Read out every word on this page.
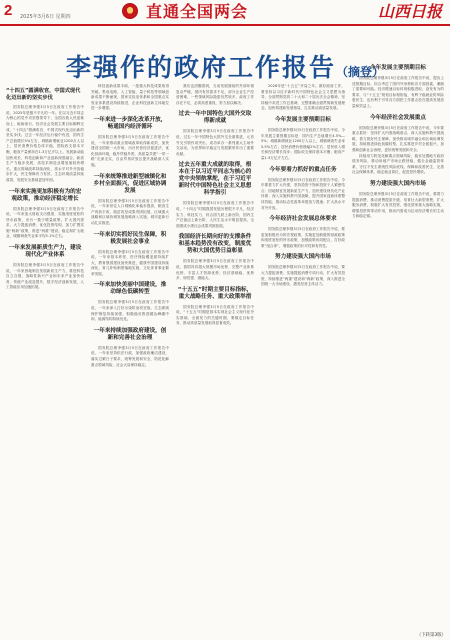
2 2025年3月6日 星期四
★ 直通全国两会	山西日报
李强作的政府工作报告（摘登）
“十四五”圆满收官，中国式现代化迈出新的坚实步伐

国务院总理李强3月5日在政府工作报告中说，2025年是极不平凡的一年。在以习近平同志为核心的党中央坚强领导下，全国各族人民迎难而上、砥砺前行，经济社会发展主要目标顺利完成，“十四五”圆满收官，中国式现代化迈出新的坚实步伐。过去一年经济运行稳中有进，国内生产总值增长5%左右，城镇新增就业1200万人以上，居民消费价格总体平稳，国际收支基本平衡，粮食产量保持在1.3万亿斤以上。发展新动能加快成长，科技创新和产业创新深度融合，新质生产力稳步发展，高技术制造业增加值较快增长。重点领域改革持续深化，高水平对外开放稳步扩大，民生保障有力有效，生态环境质量持续改善，发展安全基础更加牢固。

一年来实施更加积极有为的宏观政策，推动经济稳定增长

国务院总理李强3月5日在政府工作报告中说，一年来加大财政支出强度，实施适度宽松的货币政策，出台一揽子增量政策。扩大国内需求，大力提振消费，优化投资结构，加力扩围实施“两新”政策，推进“两重”建设。稳定和扩大就业，城镇调查失业率平均5.1%左右。

一年来发展新质生产力，建设现代化产业体系

国务院总理李强3月5日在政府工作报告中说，一年来因地制宜发展新质生产力，推进科技自立自强，战略性新兴产业和未来产业加快培育，传统产业改造提升，数字经济创新发展，人工智能应用加速拓展。

科技创新成果丰硕，一批重大科技成果取得突破。集成电路、人工智能、量子科技等领域创新成果不断涌现，国家实验室体系和全国重点实验室体系建设持续推进，企业科技创新主体地位进一步增强。

一年来进一步深化改革开放，畅通国内经济循环

国务院总理李强3月5日在政府工作报告中说，一年来推动重点领域改革取得新成效，加快建设全国统一大市场，出台民营经济促进法，优化营商环境，稳外贸稳外资，高质量共建“一带一路”走深走实，自由贸易试验区提升战略深入实施。

一年来统筹推进新型城镇化和乡村全面振兴，促进区域协调发展

国务院总理李强3月5日在政府工作报告中说，一年来常住人口城镇化率稳步提高，粮食生产再获丰收，脱贫攻坚成果巩固拓展，区域重大战略和区域协调发展战略深入实施，城市更新行动扎实推进。

一年来切实抓好民生保障，积极发展社会事业

国务院总理李强3月5日在政府工作报告中说，一年来基本养老、医疗保险覆盖面持续扩大，教育强国建设加快推进，健康中国建设持续深化，育儿补贴制度落地实施，文化体育事业繁荣发展。

一年来加快美丽中国建设，推动绿色低碳转型

国务院总理李强3月5日在政府工作报告中说，一年来深入打好污染防治攻坚战，生态系统保护修复持续加强，积极稳妥推进碳达峰碳中和，能源结构持续优化。

一年来持续加强政府建设，创新和完善社会治理

国务院总理李强3月5日在政府工作报告中说，一年来坚持依法行政，加强政府廉洁建设，落实过紧日子要求，统筹发展和安全，防范化解重点领域风险，社会大局保持稳定。

我们也清醒看到，当前发展面临的外部环境复杂严峻，国内有效需求不足，部分企业生产经营困难，一些领域风险隐患仍然较多，政府工作存在不足，必须高度重视，努力加以解决。

过去一年中国特色大国外交取得新成就

国务院总理李强3月5日在政府工作报告中说，过去一年中国特色大国外交全面推进，元首外交引领作用突出，成功举办一系列重大主场外交活动，为世界和平稳定与发展繁荣作出了重要贡献。

过去五年重大成就的取得，根本在于以习近平同志为核心的党中央领航掌舵，在于习近平新时代中国特色社会主义思想科学指引

国务院总理李强3月5日在政府工作报告中说，“十四五”时期我国发展历程很不平凡，经济实力、科技实力、综合国力跃上新台阶，国内生产总值迈上新台阶，人民生活水平明显提高，全面建成小康社会成果巩固拓展。

我国经济长期向好的支撑条件和基本趋势没有改变，制度优势和大国优势日益彰显

国务院总理李强3月5日在政府工作报告中说，我国具有超大规模市场优势、完整产业体系优势、丰富人才资源优势，经济基础稳、优势多、韧性强、潜能大。

“十五五”时期主要目标指标，重大战略任务、重大政策举措

国务院总理李强3月5日在政府工作报告中说，“十五五”时期是基本实现社会主义现代化夯实基础、全面发力的关键时期，要锚定目标任务，推动高质量发展取得显著成效。

2026年是“十五五”开局之年。做好政府工作，要坚持以习近平新时代中国特色社会主义思想为指导，全面贯彻党的二十大和二十届历次全会精神，坚持稳中求进工作总基调，完整准确全面贯彻新发展理念，加快构建新发展格局，扎实推动高质量发展。

今年发展主要预期目标

国务院总理李强3月5日在政府工作报告中说，今年发展主要预期目标是：国内生产总值增长4.5%—5%；城镇新增就业1200万人以上，城镇调查失业率5.5%左右；居民消费价格涨幅2%左右；居民收入增长和经济增长同步；国际收支保持基本平衡；粮食产量1.3万亿斤左右。

今年要着力抓好的重点任务

国务院总理李强3月5日在政府工作报告中说，今年要着力扩大内需，坚持投资于物和投资于人紧密结合；因地制宜发展新质生产力，加快建设现代化产业体系；深入实施科教兴国战略，提升国家创新体系整体效能；推动标志性改革举措加力提速；扩大高水平对外开放。

今年经济社会发展总体要求

国务院总理李强3月5日在政府工作报告中说，要更加积极有为的宏观政策，实施更加积极的财政政策和适度宽松的货币政策，加强政策协同配合，打好政策“组合拳”，增强政策的针对性和有效性。

努力建设强大国内市场

国务院总理李强3月5日在政府工作报告中说，要大力提振消费，实施提振消费专项行动，扩大有效投资，持续推进“两重”建设和“两新”政策，深入推进全国统一大市场建设，激发经营主体活力。

今年发展主要预期目标

国务院总理李强3月5日在政府工作报告中说，提出上述预期目标，综合考虑了国内外形势和各方面因素，兼顾了需要和可能。经济增速目标体现积极进取、奋发有为的要求，与“十五五”规划目标相衔接，有利于稳就业防风险惠民生，也有利于引导各方面把工作重点放在提高发展质量和效益上。

今年经济社会发展重点

国务院总理李强3月5日在政府工作报告中说，今年要重点抓好：坚持扩大内需战略基点，深入实施科教兴国战略，着力抓好民生保障，加快推动城乡融合和区域协调发展，持续推进绿色低碳转型，扎实推进乡村全面振兴，加强和创新社会治理，更好统筹发展和安全。

持续用力防范化解重点领域风险，稳妥处置地方政府债务风险，推动房地产市场止跌回稳，健全金融监管体系，守住不发生系统性风险底线。保障和改善民生，完善社会保障体系，稳定就业岗位，促进居民增收。

努力建设强大国内市场

国务院总理李强3月5日在政府工作报告中说，要着力提振消费，推动消费提质升级，培育壮大新型消费，扩大服务消费，积极扩大有效投资，强化国家重大战略实施，增强投资的带动作用，推动内需成为拉动经济增长的主动力和稳定锚。

（下转第3版）
